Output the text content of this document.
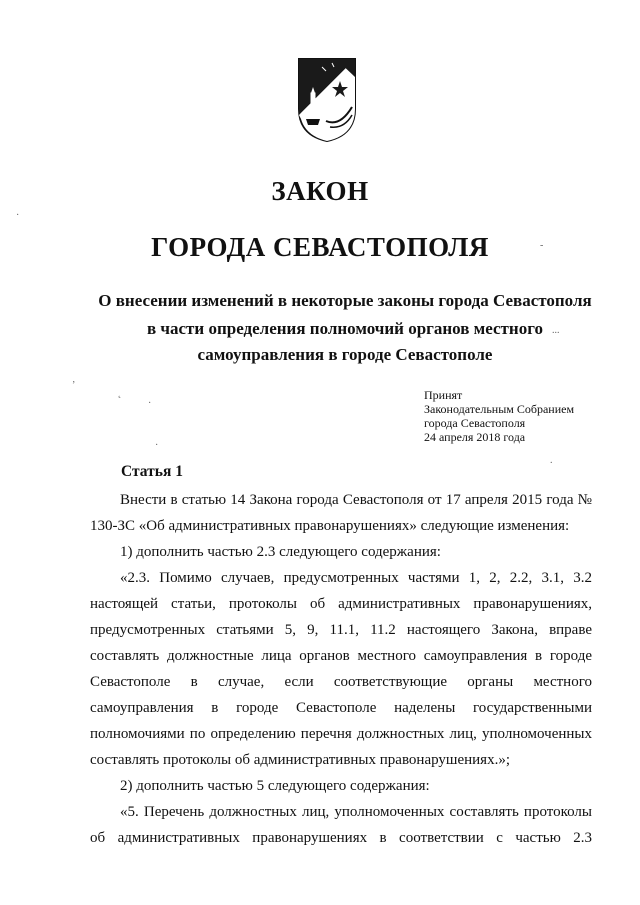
ЗАКОН
ГОРОДА СЕВАСТОПОЛЯ
О внесении изменений в некоторые законы города Севастополя
в части определения полномочий органов местного
самоуправления в городе Севастополе
Принят
Законодательным Собранием
города Севастополя
24 апреля 2018 года
Статья 1
Внести в статью 14 Закона города Севастополя от 17 апреля 2015 года № 130-ЗС «Об административных правонарушениях» следующие изменения:
1) дополнить частью 2.3 следующего содержания:
«2.3. Помимо случаев, предусмотренных частями 1, 2, 2.2, 3.1, 3.2 настоящей статьи, протоколы об административных правонарушениях, предусмотренных статьями 5, 9, 11.1, 11.2 настоящего Закона, вправе составлять должностные лица органов местного самоуправления в городе Севастополе в случае, если соответствующие органы местного самоуправления в городе Севастополе наделены государственными полномочиями по определению перечня должностных лиц, уполномоченных составлять протоколы об административных правонарушениях.»;
2) дополнить частью 5 следующего содержания:
«5. Перечень должностных лиц, уполномоченных составлять протоколы об административных правонарушениях в соответствии с частью 2.3
·
ʼ
˛
·
·
-
...
.
